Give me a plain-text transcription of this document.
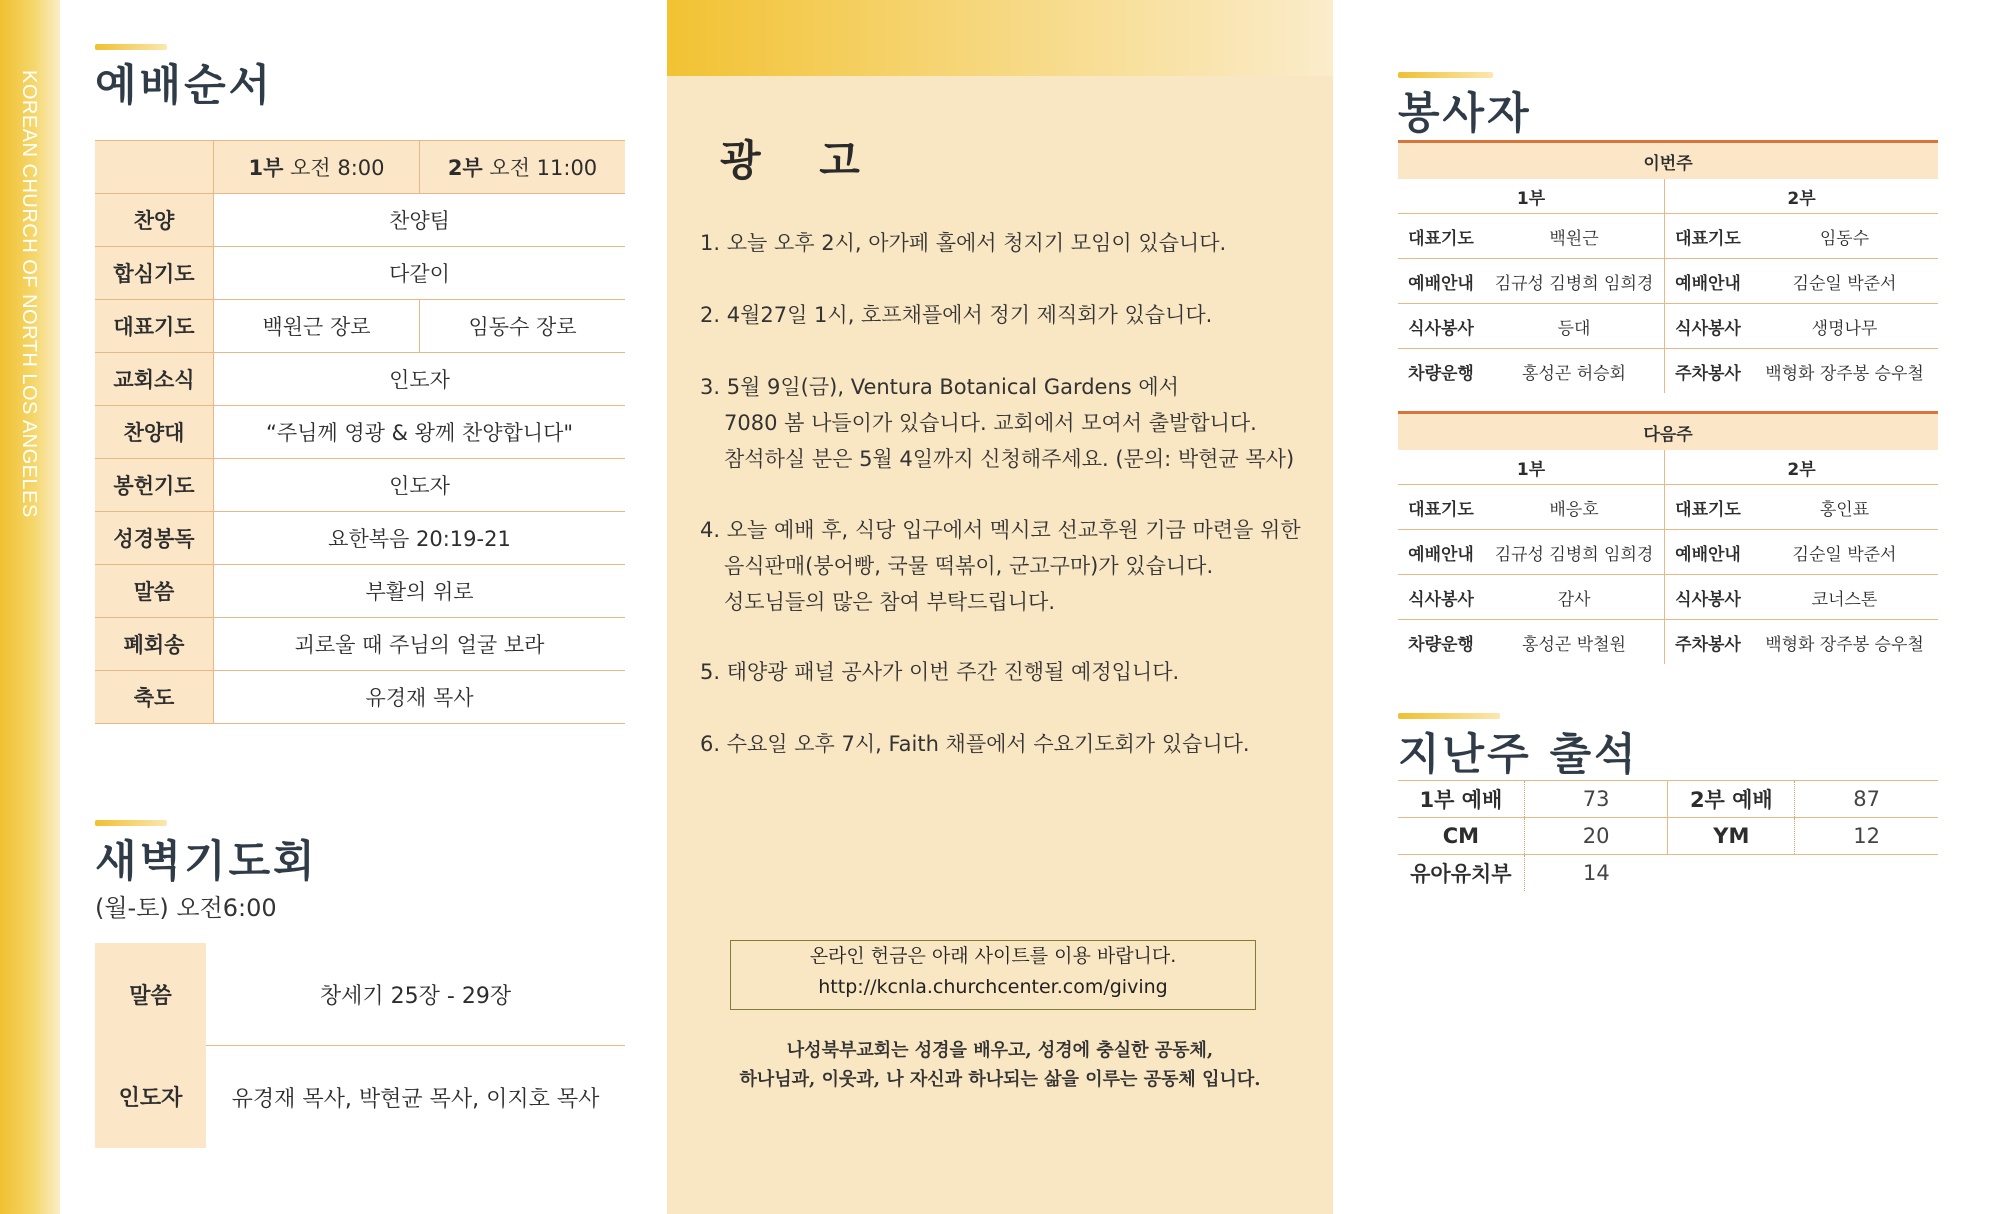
KOREAN CHURCH OF NORTH LOS ANGELES 예배순서
	1부 오전 8:00	2부 오전 11:00
찬양	찬양팀	
합심기도	다같이	
대표기도	백원근 장로	임동수 장로
교회소식	인도자	
찬양대	“주님께 영광 & 왕께 찬양합니다"	
봉헌기도	인도자	
성경봉독	요한복음 20:19-21	
말씀	부활의 위로	
폐회송	괴로울 때 주님의 얼굴 보라	
축도	유경재 목사	
새벽기도회
(월-토) 오전6:00
말씀	창세기 25장 - 29장
인도자	유경재 목사, 박현균 목사, 이지호 목사
광 고
1. 오늘 오후 2시, 아가페 홀에서 청지기 모임이 있습니다.
2. 4월27일 1시, 호프채플에서 정기 제직회가 있습니다.
3. 5월 9일(금), Ventura Botanical Gardens 에서
7080 봄 나들이가 있습니다. 교회에서 모여서 출발합니다.
참석하실 분은 5월 4일까지 신청해주세요. (문의: 박현균 목사)
4. 오늘 예배 후, 식당 입구에서 멕시코 선교후원 기금 마련을 위한
음식판매(붕어빵, 국물 떡볶이, 군고구마)가 있습니다.
성도님들의 많은 참여 부탁드립니다.
5. 태양광 패널 공사가 이번 주간 진행될 예정입니다.
6. 수요일 오후 7시, Faith 채플에서 수요기도회가 있습니다.
온라인 헌금은 아래 사이트를 이용 바랍니다.
http://kcnla.churchcenter.com/giving
나성북부교회는 성경을 배우고, 성경에 충실한 공동체,
하나님과, 이웃과, 나 자신과 하나되는 삶을 이루는 공동체 입니다.
봉사자
이번주			
1부		2부	
대표기도	백원근	대표기도	임동수
예배안내	김규성 김병희 임희경	예배안내	김순일 박준서
식사봉사	등대	식사봉사	생명나무
차량운행	홍성곤 허승회	주차봉사	백형화 장주봉 승우철
다음주			
1부		2부	
대표기도	배응호	대표기도	홍인표
예배안내	김규성 김병희 임희경	예배안내	김순일 박준서
식사봉사	감사	식사봉사	코너스톤
차량운행	홍성곤 박철원	주차봉사	백형화 장주봉 승우철
지난주 출석
1부 예배	73	2부 예배	87
CM	20	YM	12
유아유치부	14		
